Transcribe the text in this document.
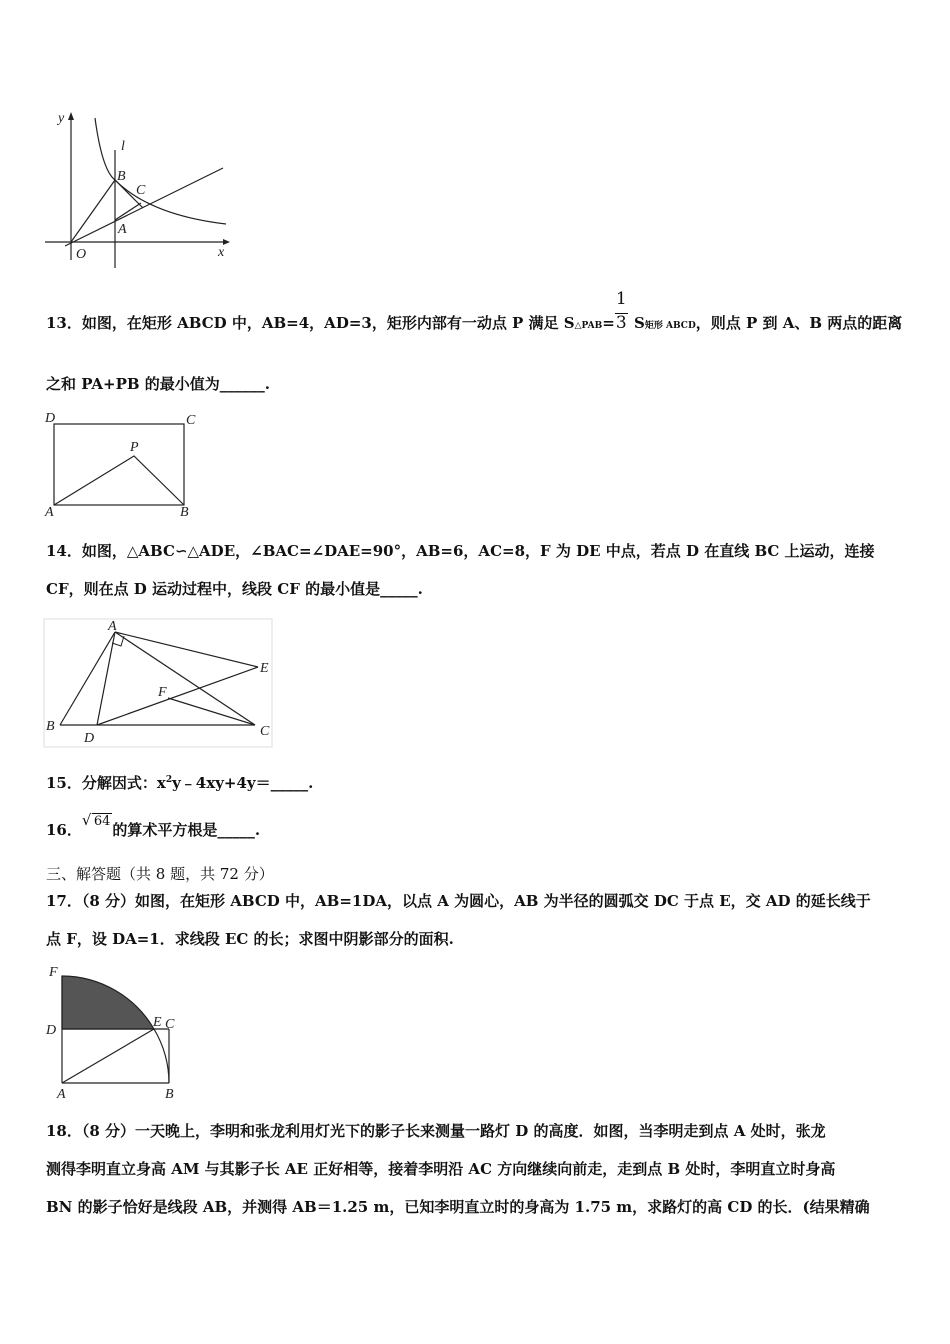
y
x
O
l
B
C
A
13．如图，在矩形 ABCD 中，AB=4，AD=3，矩形内部有一动点 P 满足 S△PAB= $\frac{1}{3}$ S矩形 ABCD，则点 P 到 A、B 两点的距离
之和 PA+PB 的最小值为______.
D	C
P
A	B
14．如图，△ABC∽△ADE，∠BAC=∠DAE=90°，AB=6，AC=8，F 为 DE 中点，若点 D 在直线 BC 上运动，连接
CF，则在点 D 运动过程中，线段 CF 的最小值是_____.
A
E
F
B
D	C
15．分解因式：$x^2y﹣4xy+4y=\_\_\_\_\_$.
16．
√ 64 的算术平方根是_____.
三、解答题（共 8 题，共 72 分）
17．（8 分）如图，在矩形 ABCD 中，AB=1DA，以点 A 为圆心，AB 为半径的圆弧交 DC 于点 E，交 AD 的延长线于
点 F，设 DA=1．求线段 EC 的长；求图中阴影部分的面积.
F
E C
D
A	B
18．（8 分）一天晚上，李明和张龙利用灯光下的影子长来测量一路灯 D 的高度．如图，当李明走到点 A 处时，张龙
测得李明直立身高 AM 与其影子长 AE 正好相等，接着李明沿 AC 方向继续向前走，走到点 B 处时，李明直立时身高
BN 的影子恰好是线段 AB，并测得 AB＝1.25 m，已知李明直立时的身高为 1.75 m，求路灯的高 CD 的长．(结果精确
